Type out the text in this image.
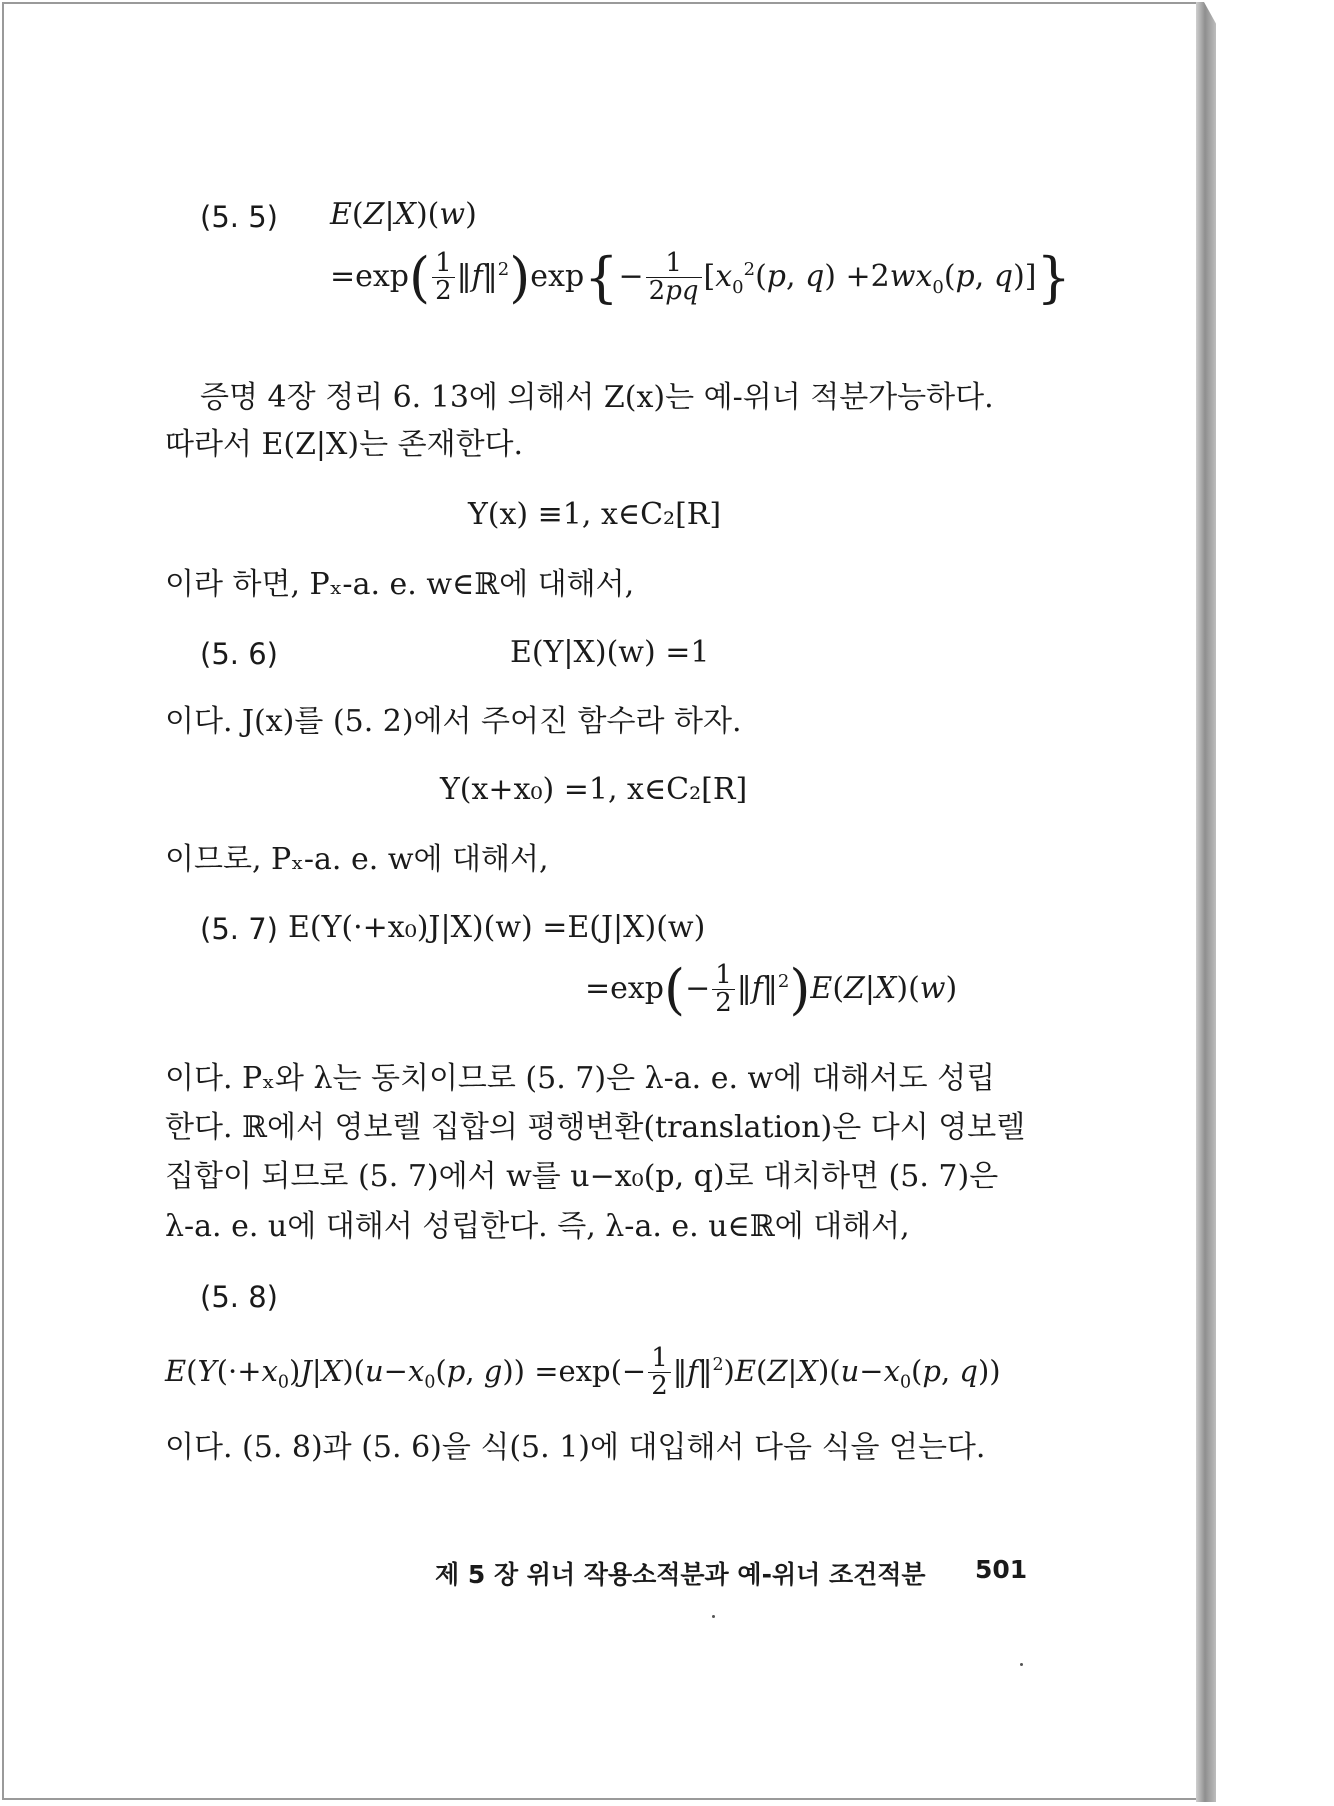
(5. 5) E(Z|X)(w)
$=\exp( \frac{1}{2}$ ‖f‖$^2$)exp{− $\frac{1}{2pq} [x_0^2(p$, $q) +2wx_0(p$, q)]}
증명 4장 정리 6. 13에 의해서 Z(x)는 예-위너 적분가능하다.
따라서 E(Z|X)는 존재한다.
Y(x) ≡1, x∈C₂[R]
이라 하면, Pₓ-a. e. w∈ℝ에 대해서,
(5. 6)	E(Y|X)(w) =1
이다. J(x)를 (5. 2)에서 주어진 함수라 하자.
Y(x+x₀) =1, x∈C₂[R]
이므로, Pₓ-a. e. w에 대해서,
(5. 7) E(Y(·+x₀)J|X)(w) =E(J|X)(w)
$=\exp(- \frac{1}{2}$ ‖f‖$^2$)E(Z|X)(w)
이다. Pₓ와 λ는 동치이므로 (5. 7)은 λ-a. e. w에 대해서도 성립
한다. ℝ에서 영보렐 집합의 평행변환(translation)은 다시 영보렐
집합이 되므로 (5. 7)에서 w를 u−x₀(p, q)로 대치하면 (5. 7)은
λ-a. e. u에 대해서 성립한다. 즉, λ-a. e. u∈ℝ에 대해서,
(5. 8)
$E(Y(\cdot+x_0)J|X)(u-x_0(p$, $g)) =\exp(- \frac{1}{2}$ $‖f‖^2)E(Z|X)(u-x_0(p$, q))
이다. (5. 8)과 (5. 6)을 식(5. 1)에 대입해서 다음 식을 얻는다.
제 5 장 위너 작용소적분과 예-위너 조건적분 501
